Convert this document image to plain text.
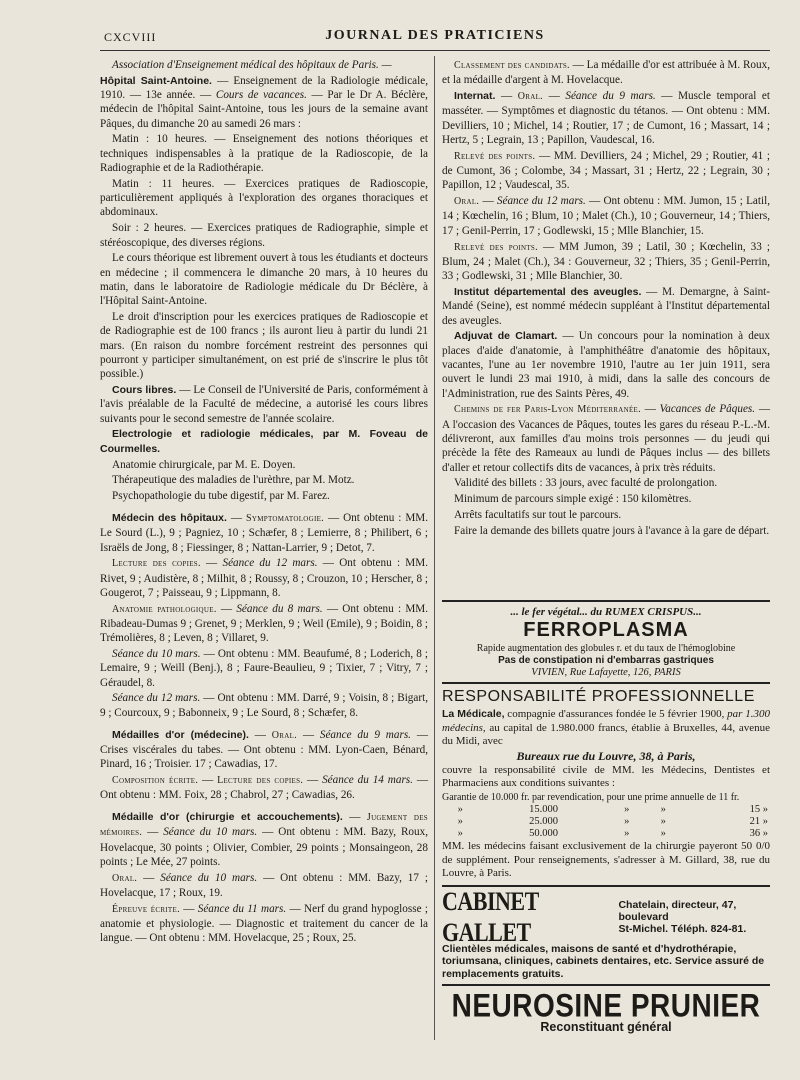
CXCVIII	JOURNAL DES PRATICIENS

Association d'Enseignement médical des hôpitaux de Paris. —

Hôpital Saint-Antoine. — Enseignement de la Radiologie médicale, 1910. — 13e année. — Cours de vacances. — Par le Dr A. Béclère, médecin de l'hôpital Saint-Antoine, tous les jours de la semaine avant Pâques, du dimanche 20 au samedi 26 mars :

Matin : 10 heures. — Enseignement des notions théoriques et techniques indispensables à la pratique de la Radioscopie, de la Radiographie et de la Radiothérapie.

Matin : 11 heures. — Exercices pratiques de Radioscopie, particulièrement appliqués à l'exploration des organes thoraciques et abdominaux.

Soir : 2 heures. — Exercices pratiques de Radiographie, simple et stéréoscopique, des diverses régions.

Le cours théorique est librement ouvert à tous les étudiants et docteurs en médecine ; il commencera le dimanche 20 mars, à 10 heures du matin, dans le laboratoire de Radiologie médicale du Dr Béclère, à l'Hôpital Saint-Antoine.

Le droit d'inscription pour les exercices pratiques de Radioscopie et de Radiographie est de 100 francs ; ils auront lieu à partir du lundi 21 mars. (En raison du nombre forcément restreint des personnes qui pourront y participer simultanément, on est prié de s'inscrire le plus tôt possible.)

Cours libres. — Le Conseil de l'Université de Paris, conformément à l'avis préalable de la Faculté de médecine, a autorisé les cours libres suivants pour le second semestre de l'année scolaire.

Electrologie et radiologie médicales, par M. Foveau de Courmelles.

Anatomie chirurgicale, par M. E. Doyen.

Thérapeutique des maladies de l'urèthre, par M. Motz.

Psychopathologie du tube digestif, par M. Farez.

Médecin des hôpitaux. — Symptomatologie. — Ont obtenu : MM. Le Sourd (L.), 9 ; Pagniez, 10 ; Schæfer, 8 ; Lemierre, 8 ; Philibert, 6 ; Israëls de Jong, 8 ; Fiessinger, 8 ; Nattan-Larrier, 9 ; Detot, 7.

Lecture des copies. — Séance du 12 mars. — Ont obtenu : MM. Rivet, 9 ; Audistère, 8 ; Milhit, 8 ; Roussy, 8 ; Crouzon, 10 ; Herscher, 8 ; Gougerot, 7 ; Paisseau, 9 ; Lippmann, 8.

Anatomie pathologique. — Séance du 8 mars. — Ont obtenu : MM. Ribadeau-Dumas 9 ; Grenet, 9 ; Merklen, 9 ; Weil (Emile), 9 ; Boidin, 8 ; Trémolières, 8 ; Leven, 8 ; Villaret, 9.

Séance du 10 mars. — Ont obtenu : MM. Beaufumé, 8 ; Loderich, 8 ; Lemaire, 9 ; Weill (Benj.), 8 ; Faure-Beaulieu, 9 ; Tixier, 7 ; Vitry, 7 ; Géraudel, 8.

Séance du 12 mars. — Ont obtenu : MM. Darré, 9 ; Voisin, 8 ; Bigart, 9 ; Courcoux, 9 ; Babonneix, 9 ; Le Sourd, 8 ; Schæfer, 8.

Médailles d'or (médecine). — Oral. — Séance du 9 mars. — Crises viscérales du tabes. — Ont obtenu : MM. Lyon-Caen, Bénard, Pinard, 16 ; Troisier. 17 ; Cawadias, 17.

Composition écrite. — Lecture des copies. — Séance du 14 mars. — Ont obtenu : MM. Foix, 28 ; Chabrol, 27 ; Cawadias, 26.

Médaille d'or (chirurgie et accouchements). — Jugement des mémoires. — Séance du 10 mars. — Ont obtenu : MM. Bazy, Roux, Hovelacque, 30 points ; Olivier, Combier, 29 points ; Monsaingeon, 28 points ; Le Mée, 27 points.

Oral. — Séance du 10 mars. — Ont obtenu : MM. Bazy, 17 ; Hovelacque, 17 ; Roux, 19.

Épreuve écrite. — Séance du 11 mars. — Nerf du grand hypoglosse ; anatomie et physiologie. — Diagnostic et traitement du cancer de la langue. — Ont obtenu : MM. Hovelacque, 25 ; Roux, 25.

Classement des candidats. — La médaille d'or est attribuée à M. Roux, et la médaille d'argent à M. Hovelacque.

Internat. — Oral. — Séance du 9 mars. — Muscle temporal et masséter. — Symptômes et diagnostic du tétanos. — Ont obtenu : MM. Devilliers, 10 ; Michel, 14 ; Routier, 17 ; de Cumont, 16 ; Massart, 14 ; Hertz, 5 ; Legrain, 13 ; Papillon, Vaudescal, 16.

Relevé des points. — MM. Devilliers, 24 ; Michel, 29 ; Routier, 41 ; de Cumont, 36 ; Colombe, 34 ; Massart, 31 ; Hertz, 22 ; Legrain, 30 ; Papillon, 12 ; Vaudescal, 35.

Oral. — Séance du 12 mars. — Ont obtenu : MM. Jumon, 15 ; Latil, 14 ; Kœchelin, 16 ; Blum, 10 ; Malet (Ch.), 10 ; Gouverneur, 14 ; Thiers, 17 ; Genil-Perrin, 17 ; Godlewski, 15 ; Mlle Blanchier, 15.

Relevé des points. — MM Jumon, 39 ; Latil, 30 ; Kœchelin, 33 ; Blum, 24 ; Malet (Ch.), 34 : Gouverneur, 32 ; Thiers, 35 ; Genil-Perrin, 33 ; Godlewski, 31 ; Mlle Blanchier, 30.

Institut départemental des aveugles. — M. Demargne, à Saint-Mandé (Seine), est nommé médecin suppléant à l'Institut départemental des aveugles.

Adjuvat de Clamart. — Un concours pour la nomination à deux places d'aide d'anatomie, à l'amphithéâtre d'anatomie des hôpitaux, vacantes, l'une au 1er novembre 1910, l'autre au 1er juin 1911, sera ouvert le lundi 23 mai 1910, à midi, dans la salle des concours de l'Administration, rue des Saints Pères, 49.

Chemins de fer Paris-Lyon Méditerranée. — Vacances de Pâques. — A l'occasion des Vacances de Pâques, toutes les gares du réseau P.-L.-M. délivreront, aux familles d'au moins trois personnes — du jeudi qui précède la fête des Rameaux au lundi de Pâques inclus — des billets d'aller et retour collectifs dits de vacances, à prix très réduits.

Validité des billets : 33 jours, avec faculté de prolongation.

Minimum de parcours simple exigé : 150 kilomètres.

Arrêts facultatifs sur tout le parcours.

Faire la demande des billets quatre jours à l'avance à la gare de départ.

... le fer végétal... du RUMEX CRISPUS...
FERROPLASMA
Rapide augmentation des globules r. et du taux de l'hémoglobine
Pas de constipation ni d'embarras gastriques
VIVIEN, Rue Lafayette, 126, PARIS
RESPONSABILITÉ PROFESSIONNELLE
La Médicale, compagnie d'assurances fondée le 5 février 1900, par 1.300 médecins, au capital de 1.980.000 francs, établie à Bruxelles, 44, avenue du Midi, avec
Bureaux rue du Louvre, 38, à Paris,
couvre la responsabilité civile de MM. les Médecins, Dentistes et Pharmaciens aux conditions suivantes :
Garantie de 10.000 fr. par revendication, pour une prime annuelle de 11 fr.
»	15.000	»	»	15 »
»	25.000	»	»	21 »
»	50.000	»	»	36 »
MM. les médecins faisant exclusivement de la chirurgie payeront 50 0/0 de supplément. Pour renseignements, s'adresser à M. Gillard, 38, rue du Louvre, à Paris.
CABINET GALLET
Chatelain, directeur, 47, boulevard
St-Michel. Téléph. 824-81.
Clientèles médicales, maisons de santé et d'hydrothérapie, toriumsana, cliniques, cabinets dentaires, etc. Service assuré de remplacements gratuits.
NEUROSINE PRUNIER
Reconstituant général
